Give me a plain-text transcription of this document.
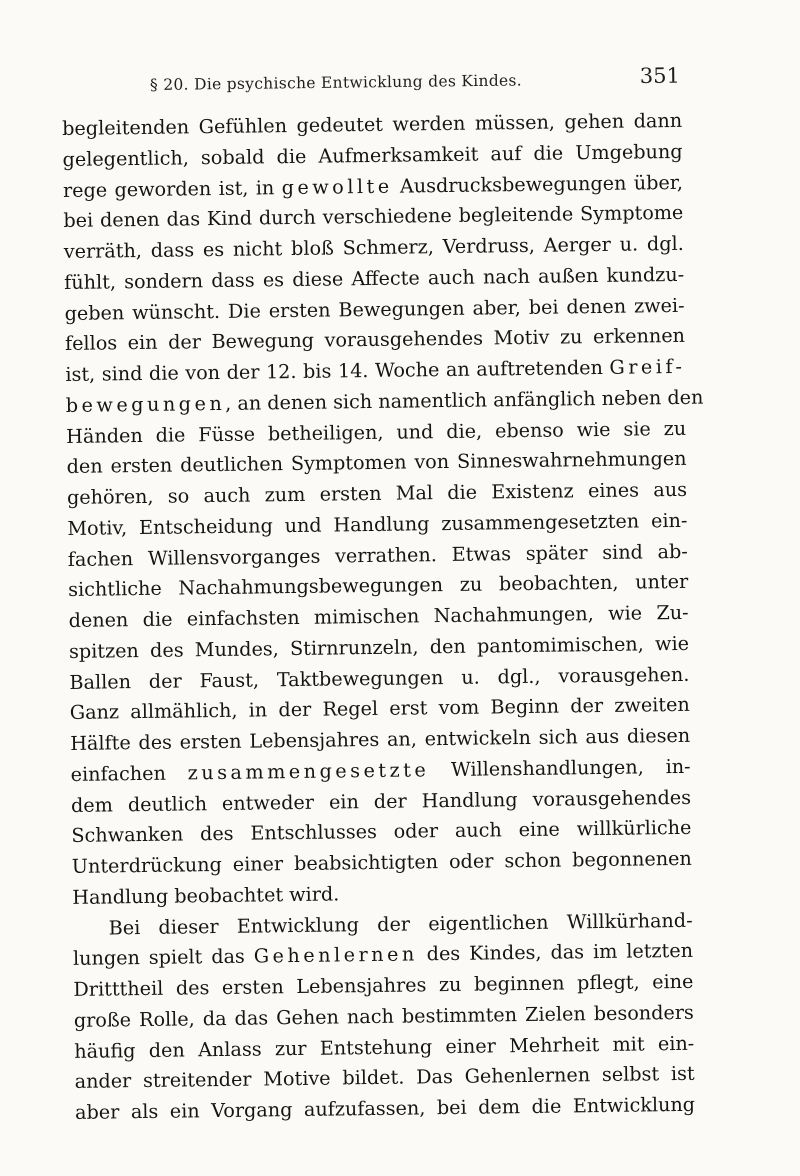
§ 20. Die psychische Entwicklung des Kindes.	351
begleitenden Gefühlen gedeutet werden müssen, gehen dann
gelegentlich, sobald die Aufmerksamkeit auf die Umgebung
rege geworden ist, in gewollte Ausdrucksbewegungen über,
bei denen das Kind durch verschiedene begleitende Symptome
verräth, dass es nicht bloß Schmerz, Verdruss, Aerger u. dgl.
fühlt, sondern dass es diese Affecte auch nach außen kundzu-
geben wünscht. Die ersten Bewegungen aber, bei denen zwei-
fellos ein der Bewegung vorausgehendes Motiv zu erkennen
ist, sind die von der 12. bis 14. Woche an auftretenden Greif-
bewegungen, an denen sich namentlich anfänglich neben den
Händen die Füsse betheiligen, und die, ebenso wie sie zu
den ersten deutlichen Symptomen von Sinneswahrnehmungen
gehören, so auch zum ersten Mal die Existenz eines aus
Motiv, Entscheidung und Handlung zusammengesetzten ein-
fachen Willensvorganges verrathen. Etwas später sind ab-
sichtliche Nachahmungsbewegungen zu beobachten, unter
denen die einfachsten mimischen Nachahmungen, wie Zu-
spitzen des Mundes, Stirnrunzeln, den pantomimischen, wie
Ballen der Faust, Taktbewegungen u. dgl., vorausgehen.
Ganz allmählich, in der Regel erst vom Beginn der zweiten
Hälfte des ersten Lebensjahres an, entwickeln sich aus diesen
einfachen zusammengesetzte Willenshandlungen, in-
dem deutlich entweder ein der Handlung vorausgehendes
Schwanken des Entschlusses oder auch eine willkürliche
Unterdrückung einer beabsichtigten oder schon begonnenen
Handlung beobachtet wird.
Bei dieser Entwicklung der eigentlichen Willkürhand-
lungen spielt das Gehenlernen des Kindes, das im letzten
Dritttheil des ersten Lebensjahres zu beginnen pflegt, eine
große Rolle, da das Gehen nach bestimmten Zielen besonders
häufig den Anlass zur Entstehung einer Mehrheit mit ein-
ander streitender Motive bildet. Das Gehenlernen selbst ist
aber als ein Vorgang aufzufassen, bei dem die Entwicklung
